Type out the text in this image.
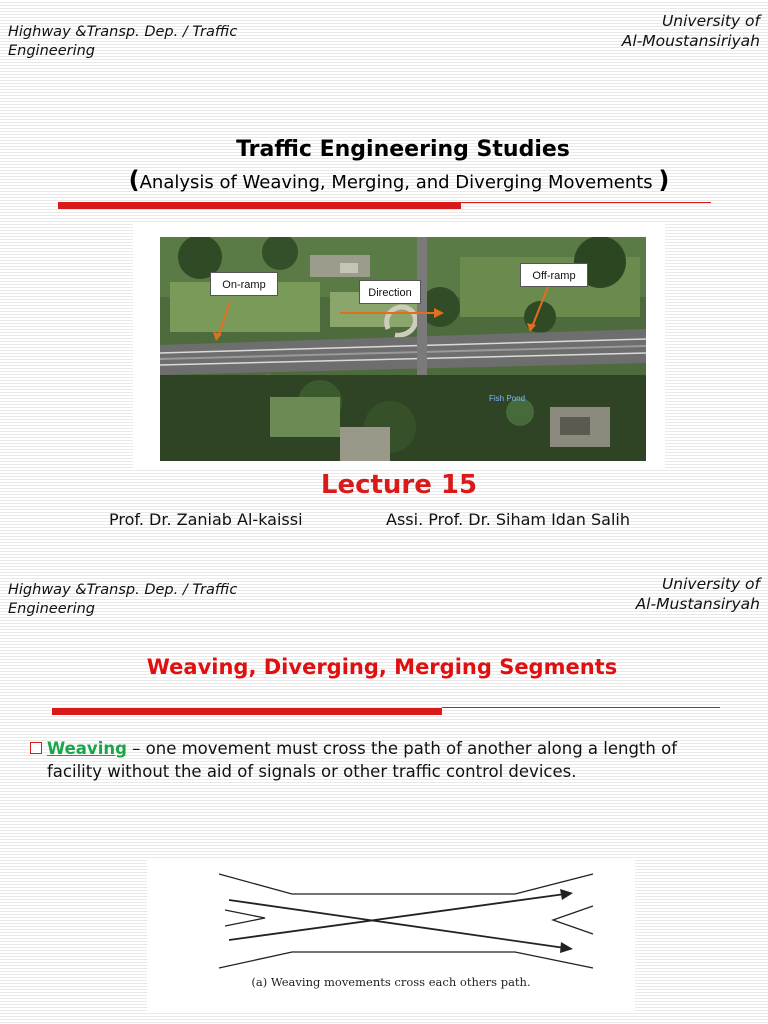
Highway &Transp. Dep. / Traffic Engineering
University of
Al-Moustansiriyah
Traffic Engineering Studies
(Analysis of Weaving, Merging, and Diverging Movements )
On-ramp
Direction
Off-ramp
Fish Pond
Lecture 15
Prof. Dr. Zaniab Al-kaissi	Assi. Prof. Dr. Siham Idan Salih
Highway &Transp. Dep. / Traffic Engineering
University of
Al-Mustansiryah
Weaving, Diverging, Merging Segments
Weaving – one movement must cross the path of another along a length of facility without the aid of signals or other traffic control devices.
(a) Weaving movements cross each others path.
